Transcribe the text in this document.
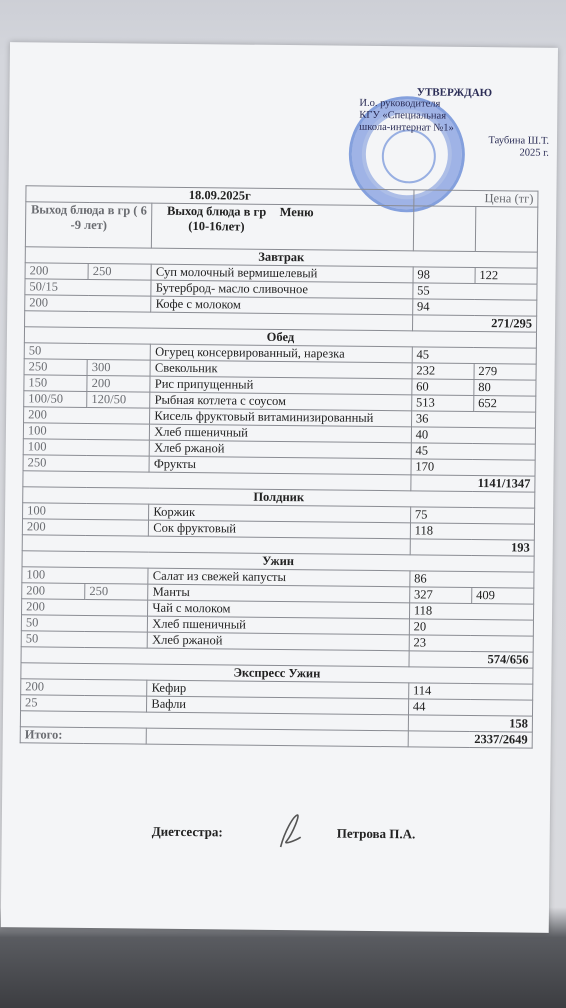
УТВЕРЖДАЮ
И.о. руководителя
КГУ «Специальная
школа-интернат №1»
Таубина Ш.Т.
2025 г.
18.09.2025г			Цена (тг)	
Выход блюда в гр ( 6 -9 лет)		Выход блюда в гр (10-16лет) Меню		
Завтрак				
200	250	Суп молочный вермишелевый	98	122
50/15		Бутерброд- масло сливочное	55	
200		Кофе с молоком	94	
			271/295	
Обед				
50		Огурец консервированный, нарезка	45	
250	300	Свекольник	232	279
150	200	Рис припущенный	60	80
100/50	120/50	Рыбная котлета с соусом	513	652
200		Кисель фруктовый витаминизированный	36	
100		Хлеб пшеничный	40	
100		Хлеб ржаной	45	
250		Фрукты	170	
			1141/1347	
Полдник				
100		Коржик	75	
200		Сок фруктовый	118	
			193	
Ужин				
100		Салат из свежей капусты	86	
200	250	Манты	327	409
200		Чай с молоком	118	
50		Хлеб пшеничный	20	
50		Хлеб ржаной	23	
			574/656	
Экспресс Ужин				
200		Кефир	114	
25		Вафли	44	
			158	
Итого:			2337/2649	
Диетсестра:	Петрова П.А.
